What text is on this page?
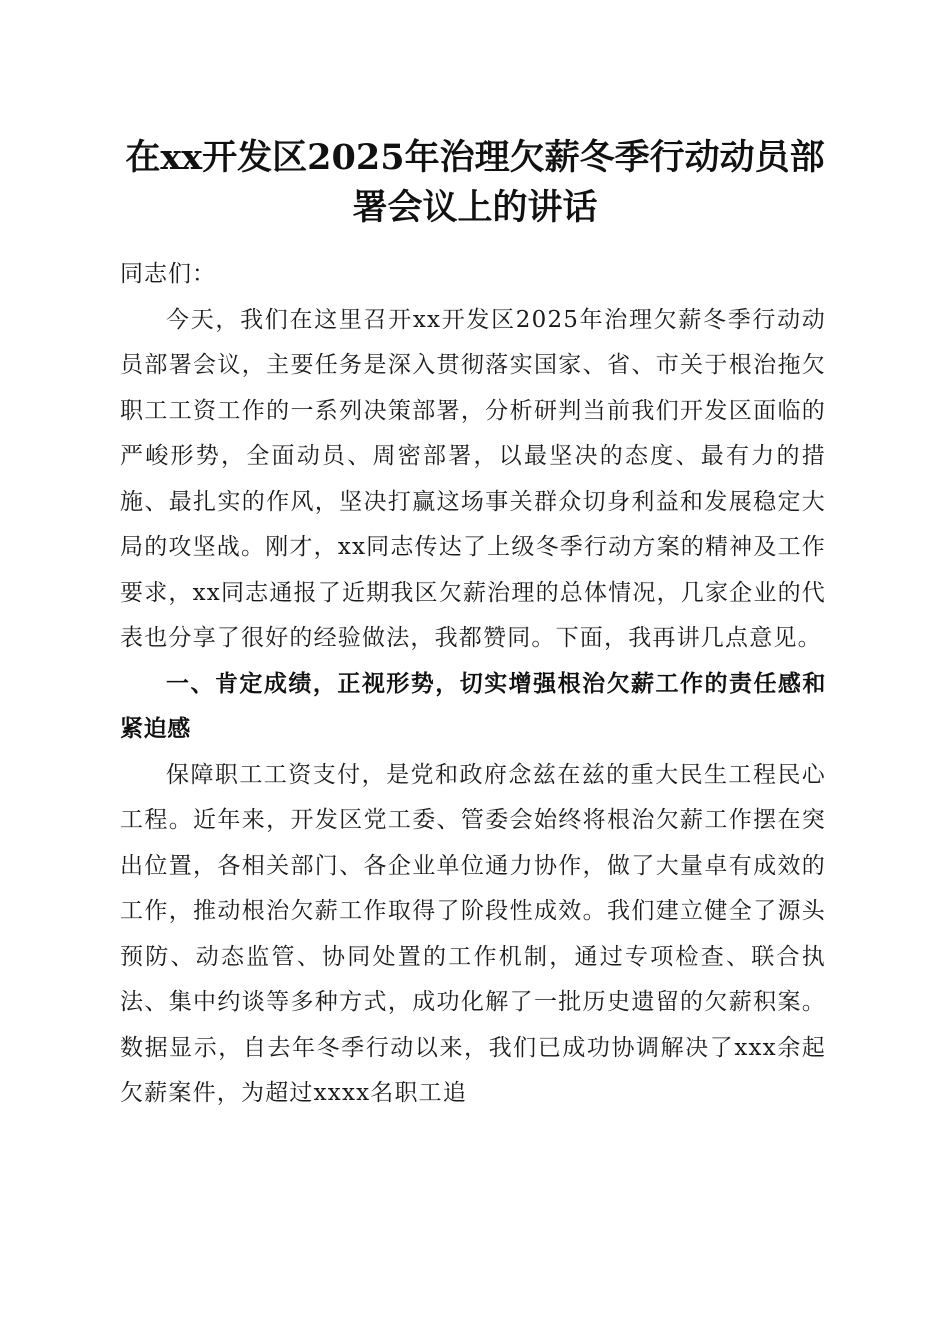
在xx开发区2025年治理欠薪冬季行动动员部署会议上的讲话

同志们：

今天，我们在这里召开xx开发区2025年治理欠薪冬季行动动员部署会议，主要任务是深入贯彻落实国家、省、市关于根治拖欠职工工资工作的一系列决策部署，分析研判当前我们开发区面临的严峻形势，全面动员、周密部署，以最坚决的态度、最有力的措施、最扎实的作风，坚决打赢这场事关群众切身利益和发展稳定大局的攻坚战。刚才，xx同志传达了上级冬季行动方案的精神及工作要求，xx同志通报了近期我区欠薪治理的总体情况，几家企业的代表也分享了很好的经验做法，我都赞同。下面，我再讲几点意见。

一、肯定成绩，正视形势，切实增强根治欠薪工作的责任感和紧迫感

保障职工工资支付，是党和政府念兹在兹的重大民生工程民心工程。近年来，开发区党工委、管委会始终将根治欠薪工作摆在突出位置，各相关部门、各企业单位通力协作，做了大量卓有成效的工作，推动根治欠薪工作取得了阶段性成效。我们建立健全了源头预防、动态监管、协同处置的工作机制，通过专项检查、联合执法、集中约谈等多种方式，成功化解了一批历史遗留的欠薪积案。数据显示，自去年冬季行动以来，我们已成功协调解决了xxx余起欠薪案件，为超过xxxx名职工追
